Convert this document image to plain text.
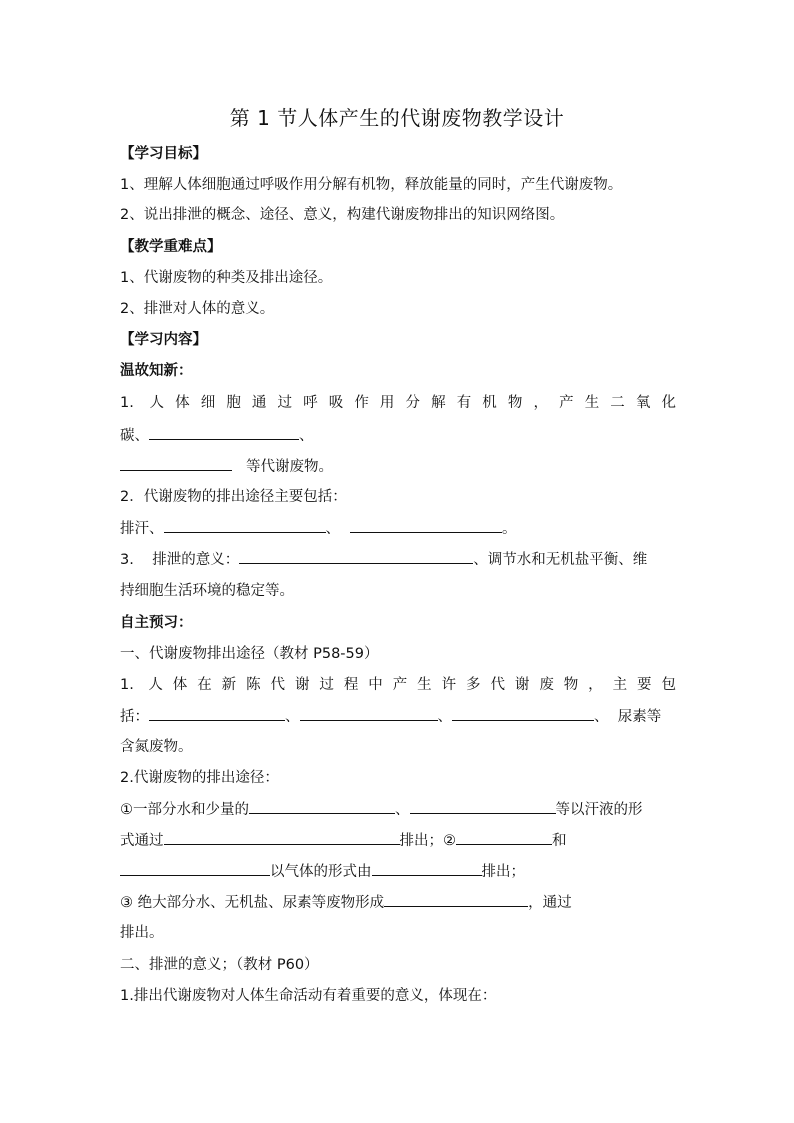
第 1 节人体产生的代谢废物教学设计
【学习目标】
1、理解人体细胞通过呼吸作用分解有机物，释放能量的同时，产生代谢废物。
2、说出排泄的概念、途径、意义，构建代谢废物排出的知识网络图。
【教学重难点】
1、代谢废物的种类及排出途径。
2、排泄对人体的意义。
【学习内容】
温故知新：
1. 人体细胞通过呼吸作用分解有机物，产生二氧化
碳、	、
等代谢废物。
2．代谢废物的排出途径主要包括：
排汗、	、	。
3.    排泄的意义：	、调节水和无机盐平衡、维
持细胞生活环境的稳定等。
自主预习：
一、代谢废物排出途径（教材 P58-59）
1. 人体在新陈代谢过程中产生许多代谢废物，主要包
括：	、	、	、  尿素等
含氮废物。
2.代谢废物的排出途径：
①一部分水和少量的	、	等以汗液的形
式通过	排出；②	和
以气体的形式由	排出；
③ 绝大部分水、无机盐、尿素等废物形成	，通过
排出。
二、排泄的意义；（教材 P60）
1.排出代谢废物对人体生命活动有着重要的意义，体现在：
